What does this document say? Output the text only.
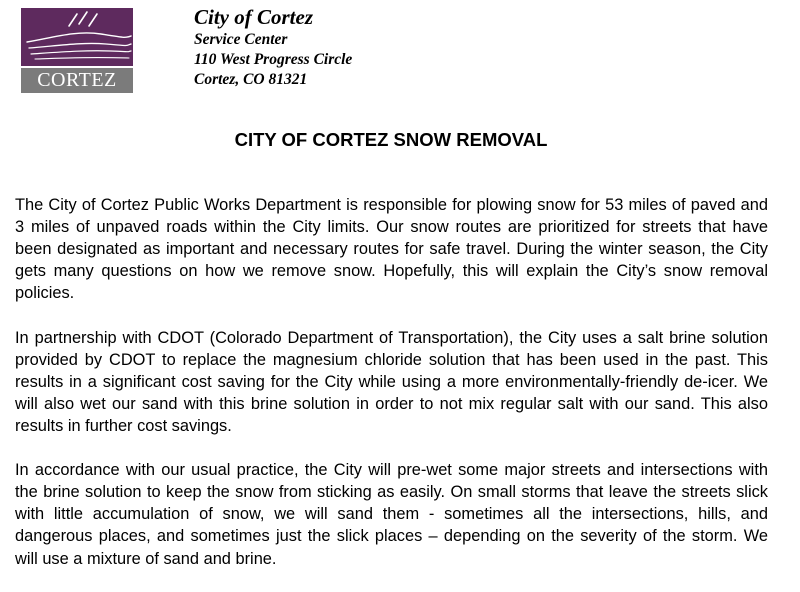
CORTEZ
City of Cortez
Service Center
110 West Progress Circle
Cortez, CO 81321
CITY OF CORTEZ SNOW REMOVAL

The City of Cortez Public Works Department is responsible for plowing snow for 53 miles of paved and 3 miles of unpaved roads within the City limits. Our snow routes are prioritized for streets that have been designated as important and necessary routes for safe travel. During the winter season, the City gets many questions on how we remove snow. Hopefully, this will explain the City’s snow removal policies.

In partnership with CDOT (Colorado Department of Transportation), the City uses a salt brine solution provided by CDOT to replace the magnesium chloride solution that has been used in the past. This results in a significant cost saving for the City while using a more environmentally-friendly de-icer. We will also wet our sand with this brine solution in order to not mix regular salt with our sand. This also results in further cost savings.

In accordance with our usual practice, the City will pre-wet some major streets and intersections with the brine solution to keep the snow from sticking as easily. On small storms that leave the streets slick with little accumulation of snow, we will sand them - sometimes all the intersections, hills, and dangerous places, and sometimes just the slick places – depending on the severity of the storm. We will use a mixture of sand and brine.
